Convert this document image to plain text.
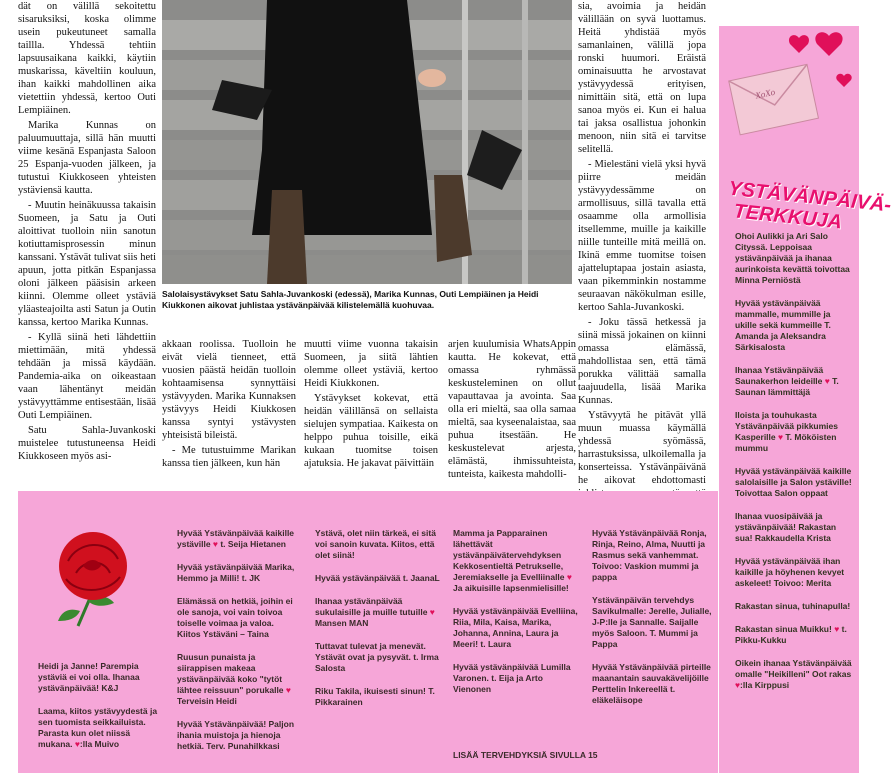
dät on välillä sekoitettu sisaruksiksi, koska olimme usein pukeutuneet samalla taillla. Yhdessä tehtiin lapsuusaikana kaikki, käytiin muskarissa, käveltiin kouluun, ihan kaikki mahdollinen aika vietettiin yhdessä, kertoo Outi Lempiäinen.

Marika Kunnas on paluumuuttaja, sillä hän muutti viime kesänä Espanjasta Saloon 25 Espanja-vuoden jälkeen, ja tutustui Kiukkoseen yhteisten ystäviensä kautta.

- Muutin heinäkuussa takaisin Suomeen, ja Satu ja Outi aloittivat tuolloin niin sanotun kotiuttamisprosessin minun kanssani. Ystävät tulivat siis heti apuun, jotta pitkän Espanjassa oloni jälkeen pääsisin arkeen kiinni. Olemme olleet ystäviä yläasteajoilta asti Satun ja Outin kanssa, kertoo Marika Kunnas.

- Kyllä siinä heti lähdettiin miettimään, mitä yhdessä tehdään ja missä käydään. Pandemia-aika on oikeastaan vaan lähentänyt meidän ystävyyttämme entisestään, lisää Outi Lempiäinen.

Satu Sahla-Juvankoski muistelee tutustuneensa Heidi Kiukkoseen myös asi-

Salolaisystävykset Satu Sahla-Juvankoski (edessä), Marika Kunnas, Outi Lempiäinen ja Heidi Kiukkonen aikovat juhlistaa ystävänpäivää kilistelemällä kuohuvaa.

akkaan roolissa. Tuolloin he eivät vielä tienneet, että vuosien päästä heidän tuolloin kohtaamisensa synnyttäisi ystävyyden. Marika Kunnaksen ystävyys Heidi Kiukkosen kanssa syntyi ystävysten yhteisistä bileistä.

- Me tutustuimme Marikan kanssa tien jälkeen, kun hän

muutti viime vuonna takaisin Suomeen, ja siitä lähtien olemme olleet ystäviä, kertoo Heidi Kiukkonen.

Ystävykset kokevat, että heidän välillänsä on sellaista sielujen sympatiaa. Kaikesta on helppo puhua toisille, eikä kukaan tuomitse toisen ajatuksia. He jakavat päivittäin

arjen kuulumisia WhatsAppin kautta. He kokevat, että omassa ryhmässä keskusteleminen on ollut vapauttavaa ja avointa. Saa olla eri mieltä, saa olla samaa mieltä, saa kyseenalaistaa, saa puhua itsestään. He keskustelevat arjesta, elämästä, ihmissuhteista, tunteista, kaikesta mahdolli-

sia, avoimia ja heidän välillään on syvä luottamus. Heitä yhdistää myös samanlainen, välillä jopa ronski huumori. Eräistä ominaisuutta he arvostavat ystävyydessä erityisen, nimittäin sitä, että on lupa sanoa myös ei. Kun ei halua tai jaksa osallistua johonkin menoon, niin sitä ei tarvitse selitellä.

- Mielestäni vielä yksi hyvä piirre meidän ystävyydessämme on armollisuus, sillä tavalla että osaamme olla armollisia itsellemme, muille ja kaikille niille tunteille mitä meillä on. Ikinä emme tuomitse toisen ajatteluptapaa jostain asiasta, vaan pikemminkin nostamme seuraavan näkökulman esille, kertoo Sahla-Juvankoski.

- Joku tässä hetkessä ja siinä missä jokainen on kiinni omassa elämässä, mahdollistaa sen, että tämä porukka välittää samalla taajuudella, lisää Marika Kunnas.

Ystävyytä he pitävät yllä muun muassa käymällä yhdessä syömässä, harrastuksissa, ulkoilemalla ja konserteissa. Ystävänpäivänä he aikovat ehdottomasti

XoXo
YSTÄVÄNPÄIVÄ-TERKKUJA
Ohoi Aulikki ja Ari Salo Cityssä. Leppoisaa ystävänpäivää ja ihanaa aurinkoista kevättä toivottaa Minna Perniöstä
Hyvää ystävänpäivää mammalle, mummille ja ukille sekä kummeille T. Amanda ja Aleksandra Särkisalosta
Ihanaa Ystävänpäivää Saunakerhon leideille ♥ T. Saunan lämmittäjä
Iloista ja touhukasta Ystävänpäivää pikkumies Kasperille ♥ T. Mököisten mummu
Hyvää ystävänpäivää kaikille salolaisille ja Salon ystäville! Toivottaa Salon oppaat
Ihanaa vuosipäivää ja ystävänpäivää! Rakastan sua! Rakkaudella Krista
Hyvää ystävänpäivää ihan kaikille ja höyhenen kevyet askeleet! Toivoo: Merita
Rakastan sinua, tuhinapulla!
Rakastan sinua Muikku! ♥ t. Pikku-Kukku
Oikein ihanaa Ystävänpäivää omalle "Heikilleni" Oot rakas ♥:lla Kirppusi
Heidi ja Janne! Parempia ystäviä ei voi olla. Ihanaa ystävänpäivää! K&J
Laama, kiitos ystävyydestä ja sen tuomista seikkailuista. Parasta kun olet niissä mukana. ♥:lla Muivo
Hyvää Ystävänpäivää kaikille ystäville ♥ t. Seija Hietanen
Hyvää ystävänpäivää Marika, Hemmo ja Milli! t. JK
Elämässä on hetkiä, joihin ei ole sanoja, voi vain toivoa toiselle voimaa ja valoa. Kiitos Ystäväni – Taina
Ruusun punaista ja siirappisen makeaa ystävänpäivää koko "tytöt lähtee reissuun" porukalle ♥ Terveisin Heidi
Hyvää Ystävänpäivää! Paljon ihania muistoja ja hienoja hetkiä. Terv. Punahilkkasi
Ystävä, olet niin tärkeä, ei sitä voi sanoin kuvata. Kiitos, että olet siinä!
Hyvää ystävänpäivää t. JaanaL
Ihanaa ystävänpäivää sukulaisille ja muille tutuille ♥ Mansen MAN
Tuttavat tulevat ja menevät. Ystävät ovat ja pysyvät. t. Irma Salosta
Riku Takila, ikuisesti sinun! T. Pikkarainen
Mamma ja Papparainen lähettävät ystävänpäivätervehdyksen Kekkosentieltä Petrukselle, Jeremiakselle ja Evelliinalle ♥ Ja aikuisille lapsenmielisille!
Hyvää ystävänpäivää Evelliina, Riia, Mila, Kaisa, Marika, Johanna, Annina, Laura ja Meeri! t. Laura
Hyvää ystävänpäivää Lumilla Varonen. t. Eija ja Arto Vienonen
Hyvää Ystävänpäivää Ronja, Rinja, Reino, Alma, Nuutti ja Rasmus sekä vanhemmat. Toivoo: Vaskion mummi ja pappa
Ystävänpäivän tervehdys Savikulmalle: Jerelle, Julialle, J-P:lle ja Sannalle. Saijalle myös Saloon. T. Mummi ja Pappa
Hyvää Ystävänpäivää pirteille maanantain sauvakävelijöille Perttelin Inkereellä t. eläkeläisope
LISÄÄ TERVEHDYKSIÄ SIVULLA 15
